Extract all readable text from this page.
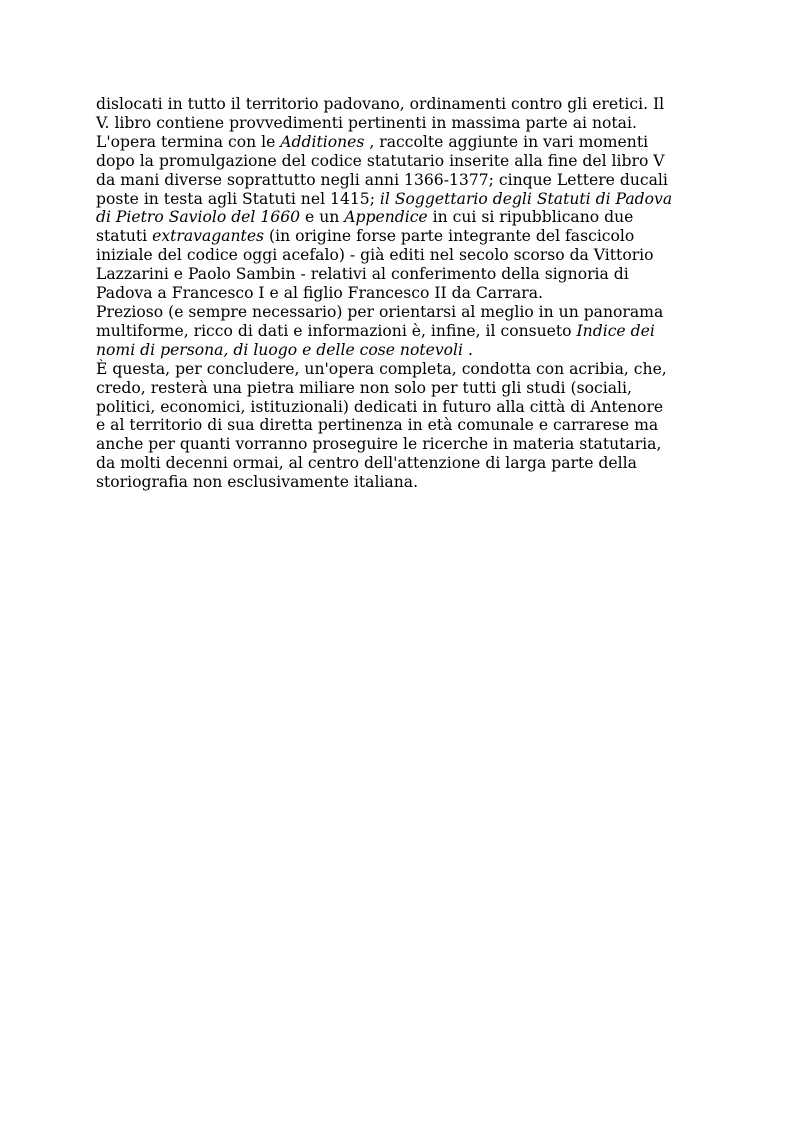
dislocati in tutto il territorio padovano, ordinamenti contro gli eretici. Il
V. libro contiene provvedimenti pertinenti in massima parte ai notai.
L'opera termina con le Additiones , raccolte aggiunte in vari momenti
dopo la promulgazione del codice statutario inserite alla fine del libro V
da mani diverse soprattutto negli anni 1366-1377; cinque Lettere ducali
poste in testa agli Statuti nel 1415; il Soggettario degli Statuti di Padova
di Pietro Saviolo del 1660 e un Appendice in cui si ripubblicano due
statuti extravagantes (in origine forse parte integrante del fascicolo
iniziale del codice oggi acefalo) - già editi nel secolo scorso da Vittorio
Lazzarini e Paolo Sambin - relativi al conferimento della signoria di
Padova a Francesco I e al figlio Francesco II da Carrara.
Prezioso (e sempre necessario) per orientarsi al meglio in un panorama
multiforme, ricco di dati e informazioni è, infine, il consueto Indice dei
nomi di persona, di luogo e delle cose notevoli .
È questa, per concludere, un'opera completa, condotta con acribia, che,
credo, resterà una pietra miliare non solo per tutti gli studi (sociali,
politici, economici, istituzionali) dedicati in futuro alla città di Antenore
e al territorio di sua diretta pertinenza in età comunale e carrarese ma
anche per quanti vorranno proseguire le ricerche in materia statutaria,
da molti decenni ormai, al centro dell'attenzione di larga parte della
storiografia non esclusivamente italiana.
